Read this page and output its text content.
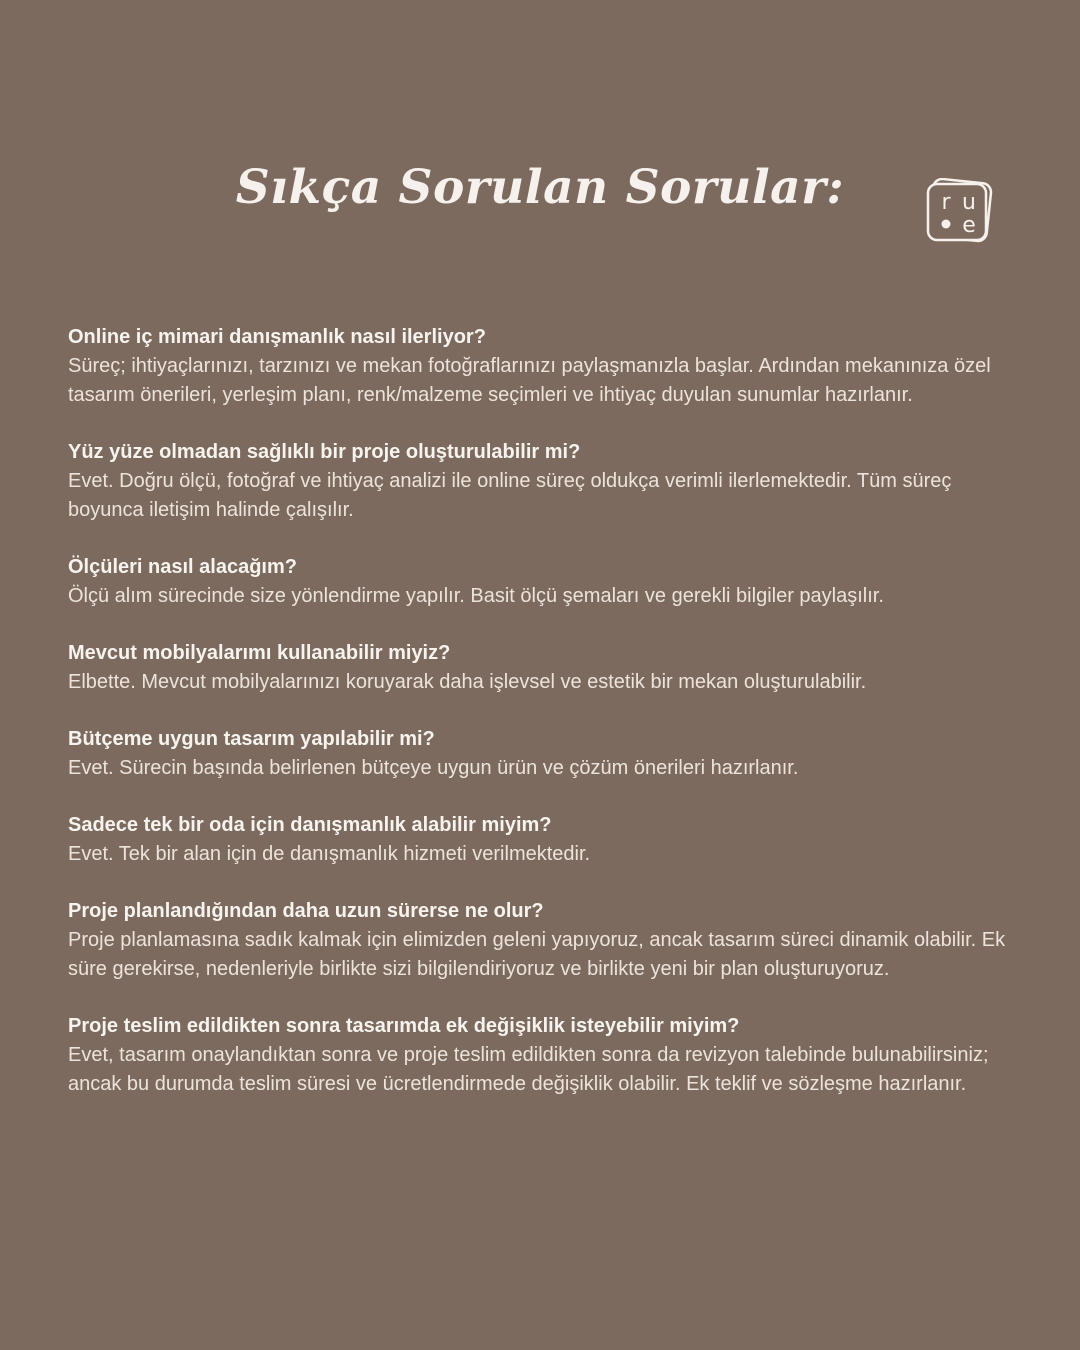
Sıkça Sorulan Sorular:	r u
e

Online iç mimari danışmanlık nasıl ilerliyor?

Süreç; ihtiyaçlarınızı, tarzınızı ve mekan fotoğraflarınızı paylaşmanızla başlar. Ardından mekanınıza özel tasarım önerileri, yerleşim planı, renk/malzeme seçimleri ve ihtiyaç duyulan sunumlar hazırlanır.

Yüz yüze olmadan sağlıklı bir proje oluşturulabilir mi?

Evet. Doğru ölçü, fotoğraf ve ihtiyaç analizi ile online süreç oldukça verimli ilerlemektedir. Tüm süreç boyunca iletişim halinde çalışılır.

Ölçüleri nasıl alacağım?

Ölçü alım sürecinde size yönlendirme yapılır. Basit ölçü şemaları ve gerekli bilgiler paylaşılır.

Mevcut mobilyalarımı kullanabilir miyiz?

Elbette. Mevcut mobilyalarınızı koruyarak daha işlevsel ve estetik bir mekan oluşturulabilir.

Bütçeme uygun tasarım yapılabilir mi?

Evet. Sürecin başında belirlenen bütçeye uygun ürün ve çözüm önerileri hazırlanır.

Sadece tek bir oda için danışmanlık alabilir miyim?

Evet. Tek bir alan için de danışmanlık hizmeti verilmektedir.

Proje planlandığından daha uzun sürerse ne olur?

Proje planlamasına sadık kalmak için elimizden geleni yapıyoruz, ancak tasarım süreci dinamik olabilir. Ek süre gerekirse, nedenleriyle birlikte sizi bilgilendiriyoruz ve birlikte yeni bir plan oluşturuyoruz.

Proje teslim edildikten sonra tasarımda ek değişiklik isteyebilir miyim?

Evet, tasarım onaylandıktan sonra ve proje teslim edildikten sonra da revizyon talebinde bulunabilirsiniz; ancak bu durumda teslim süresi ve ücretlendirmede değişiklik olabilir. Ek teklif ve sözleşme hazırlanır.
